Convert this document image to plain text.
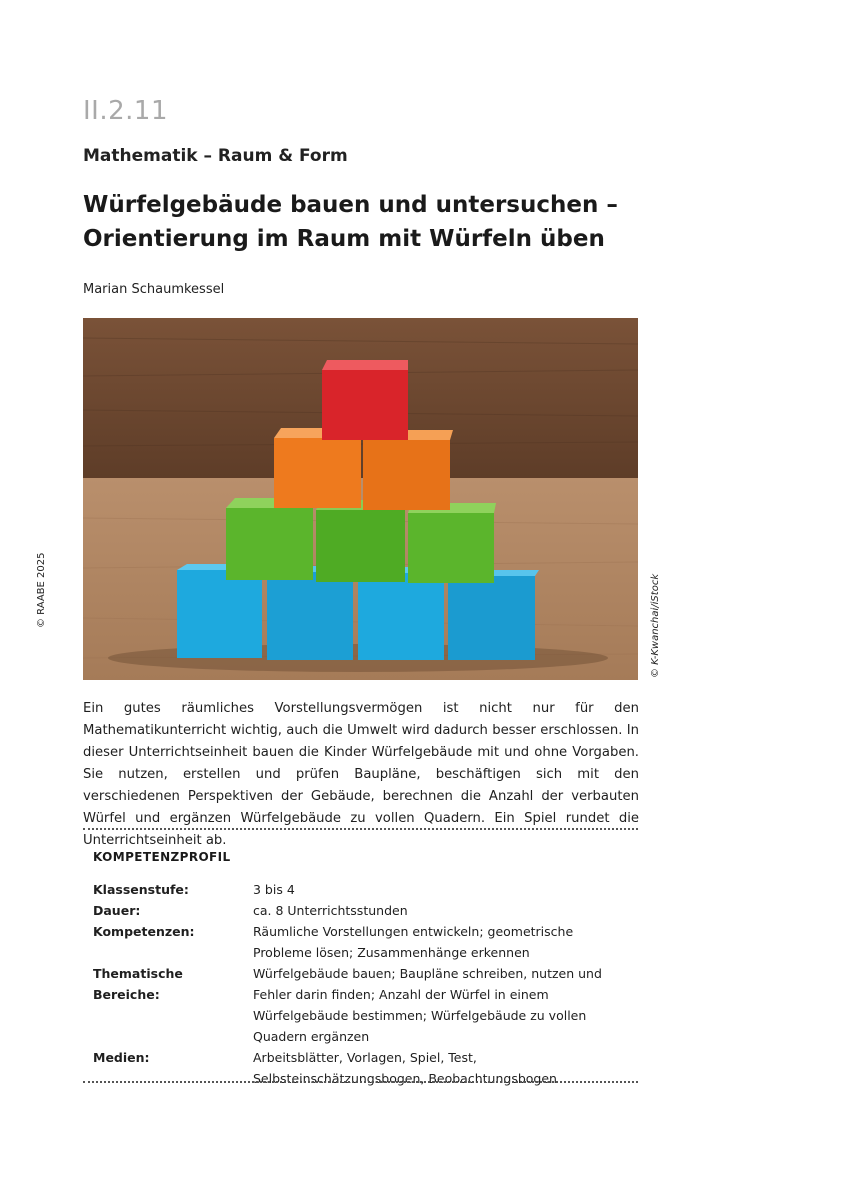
II.2.11
Mathematik – Raum & Form
Würfelgebäude bauen und untersuchen –
Orientierung im Raum mit Würfeln üben
Marian Schaumkessel
© RAABE 2025	© K-Kwanchai/iStock

Ein gutes räumliches Vorstellungsvermögen ist nicht nur für den Mathematikunterricht wichtig, auch die Umwelt wird dadurch besser erschlossen. In dieser Unterrichtseinheit bauen die Kinder Würfelgebäude mit und ohne Vorgaben. Sie nutzen, erstellen und prüfen Baupläne, beschäftigen sich mit den verschiedenen Perspektiven der Gebäude, berechnen die Anzahl der verbauten Würfel und ergänzen Würfelgebäude zu vollen Quadern. Ein Spiel rundet die Unterrichtseinheit ab.

KOMPETENZPROFIL
Klassenstufe:	3 bis 4
Dauer:	ca. 8 Unterrichtsstunden
Kompetenzen:	Räumliche Vorstellungen entwickeln; geometrische Probleme lösen; Zusammenhänge erkennen
Thematische Bereiche:
Würfelgebäude bauen; Baupläne schreiben, nutzen und Fehler darin finden; Anzahl der Würfel in einem Würfelgebäude bestimmen; Würfelgebäude zu vollen Quadern ergänzen
Medien:	Arbeitsblätter, Vorlagen, Spiel, Test, Selbsteinschätzungsbogen, Beobachtungsbogen
